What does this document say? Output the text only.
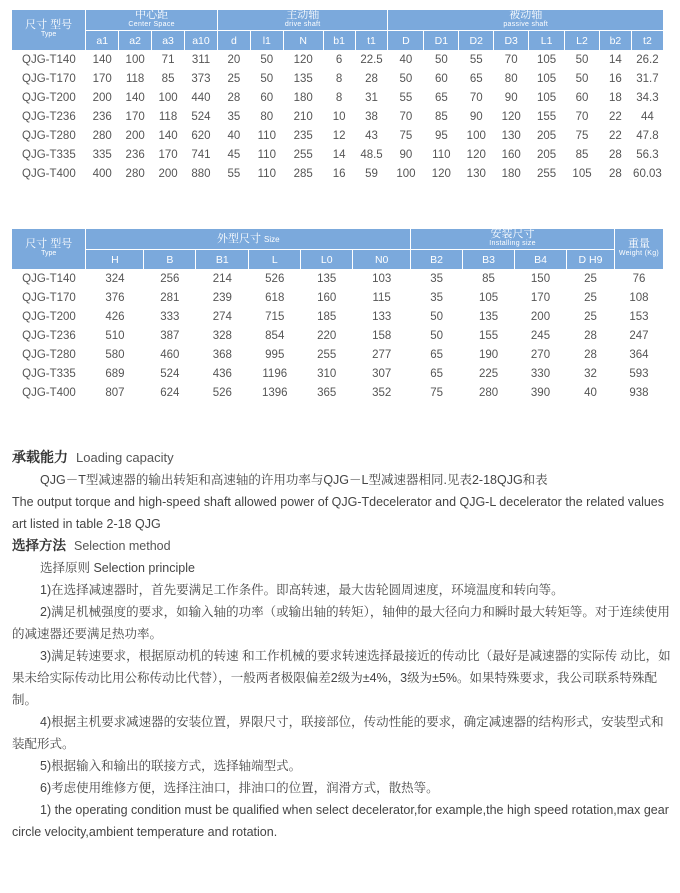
尺寸 型号
Type	中心距
Center Space				主动轴
drive shaft					被动轴
passive shaft							

	a1	a2	a3	a10	d	l1	N	b1	t1	D	D1	D2	D3	L1	L2	b2	t2
QJG-T140	140	100	71	311	20	50	120	6	22.5	40	50	55	70	105	50	14	26.2
QJG-T170	170	118	85	373	25	50	135	8	28	50	60	65	80	105	50	16	31.7
QJG-T200	200	140	100	440	28	60	180	8	31	55	65	70	90	105	60	18	34.3
QJG-T236	236	170	118	524	35	80	210	10	38	70	85	90	120	155	70	22	44
QJG-T280	280	200	140	620	40	110	235	12	43	75	95	100	130	205	75	22	47.8
QJG-T335	335	236	170	741	45	110	255	14	48.5	90	110	120	160	205	85	28	56.3
QJG-T400	400	280	200	880	55	110	285	16	59	100	120	130	180	255	105	28	60.03
尺寸 型号
Type	外型尺寸 Size						安装尺寸
Installing size				重量
Weight (Kg)

	H	B	B1	L	L0	N0	B2	B3	B4	D H9	
QJG-T140	324	256	214	526	135	103	35	85	150	25	76
QJG-T170	376	281	239	618	160	115	35	105	170	25	108
QJG-T200	426	333	274	715	185	133	50	135	200	25	153
QJG-T236	510	387	328	854	220	158	50	155	245	28	247
QJG-T280	580	460	368	995	255	277	65	190	270	28	364
QJG-T335	689	524	436	1196	310	307	65	225	330	32	593
QJG-T400	807	624	526	1396	365	352	75	280	390	40	938

承载能力 Loading capacity

QJG－T型减速器的输出转矩和高速轴的许用功率与QJG－L型减速器相同.见表2-18QJG和表

The output torque and high-speed shaft allowed power of QJG-Tdecelerator and QJG-L decelerator the related values art listed in table 2-18 QJG

选择方法 Selection method

选择原则 Selection principle

1)在选择减速器时，首先要满足工作条件。即高转速，最大齿轮圆周速度，环境温度和转向等。

2)满足机械强度的要求，如输入轴的功率（或输出轴的转矩），轴伸的最大径向力和瞬时最大转矩等。对于连续使用的减速器还要满足热功率。

3)满足转速要求，根据原动机的转速 和工作机械的要求转速选择最接近的传动比（最好是减速器的实际传 动比，如果未给实际传动比用公称传动比代替），一般两者极限偏差2级为±4%，3级为±5%。如果特殊要求，我公司联系特殊配制。

4)根据主机要求减速器的安装位置，界限尺寸，联接部位，传动性能的要求，确定减速器的结构形式，安装型式和装配形式。

5)根据输入和输出的联接方式，选择轴端型式。

6)考虑使用维修方便，选择注油口，排油口的位置，润滑方式，散热等。

1) the operating condition must be qualified when select decelerator,for example,the high speed rotation,max gear circle velocity,ambient temperature and rotation.
